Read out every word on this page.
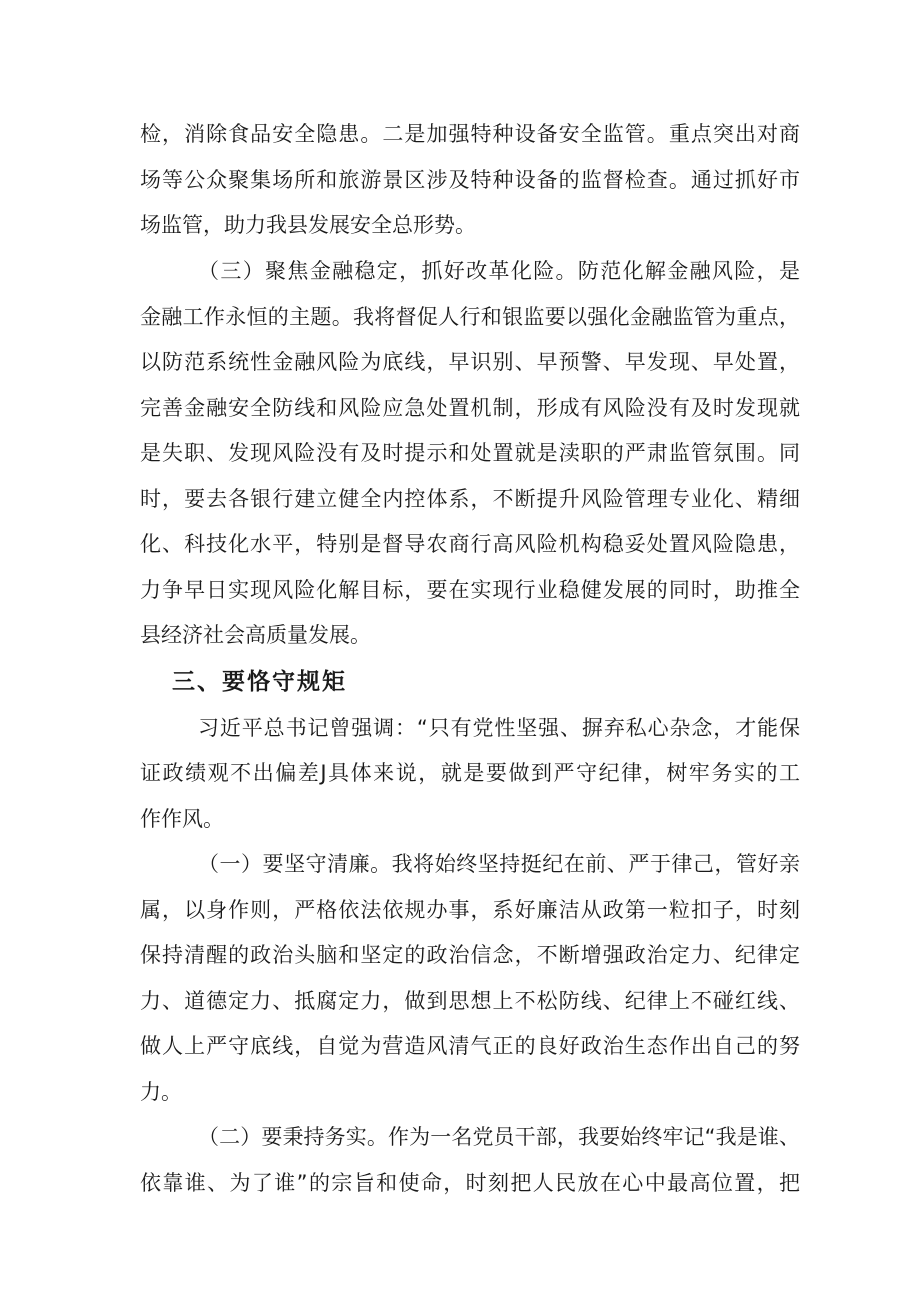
检，消除食品安全隐患。二是加强特种设备安全监管。重点突出对商
场等公众聚集场所和旅游景区涉及特种设备的监督检查。通过抓好市
场监管，助力我县发展安全总形势。
（三）聚焦金融稳定，抓好改革化险。防范化解金融风险，是
金融工作永恒的主题。我将督促人行和银监要以强化金融监管为重点，
以防范系统性金融风险为底线，早识别、早预警、早发现、早处置，
完善金融安全防线和风险应急处置机制，形成有风险没有及时发现就
是失职、发现风险没有及时提示和处置就是渎职的严肃监管氛围。同
时，要去各银行建立健全内控体系，不断提升风险管理专业化、精细
化、科技化水平，特别是督导农商行高风险机构稳妥处置风险隐患，
力争早日实现风险化解目标，要在实现行业稳健发展的同时，助推全
县经济社会高质量发展。
三、要恪守规矩
习近平总书记曾强调：“只有党性坚强、摒弃私心杂念，才能保
证政绩观不出偏差J具体来说，就是要做到严守纪律，树牢务实的工
作作风。
（一）要坚守清廉。我将始终坚持挺纪在前、严于律己，管好亲
属，以身作则，严格依法依规办事，系好廉洁从政第一粒扣子，时刻
保持清醒的政治头脑和坚定的政治信念，不断增强政治定力、纪律定
力、道德定力、抵腐定力，做到思想上不松防线、纪律上不碰红线、
做人上严守底线，自觉为营造风清气正的良好政治生态作出自己的努
力。
（二）要秉持务实。作为一名党员干部，我要始终牢记“我是谁、
依靠谁、为了谁”的宗旨和使命，时刻把人民放在心中最高位置，把
